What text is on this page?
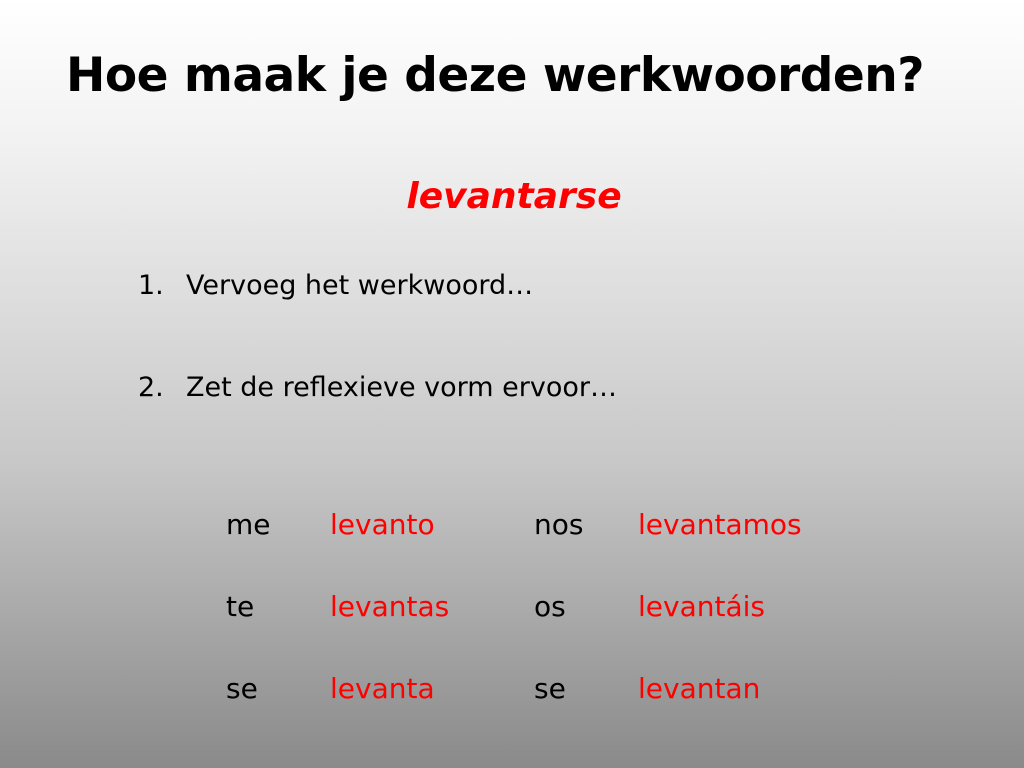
Hoe maak je deze werkwoorden?
levantarse
1. Vervoeg het werkwoord…
2. Zet de reflexieve vorm ervoor…
me levanto	nos levantamos
te	levantas	os	levantáis
se	levanta	se	levantan
